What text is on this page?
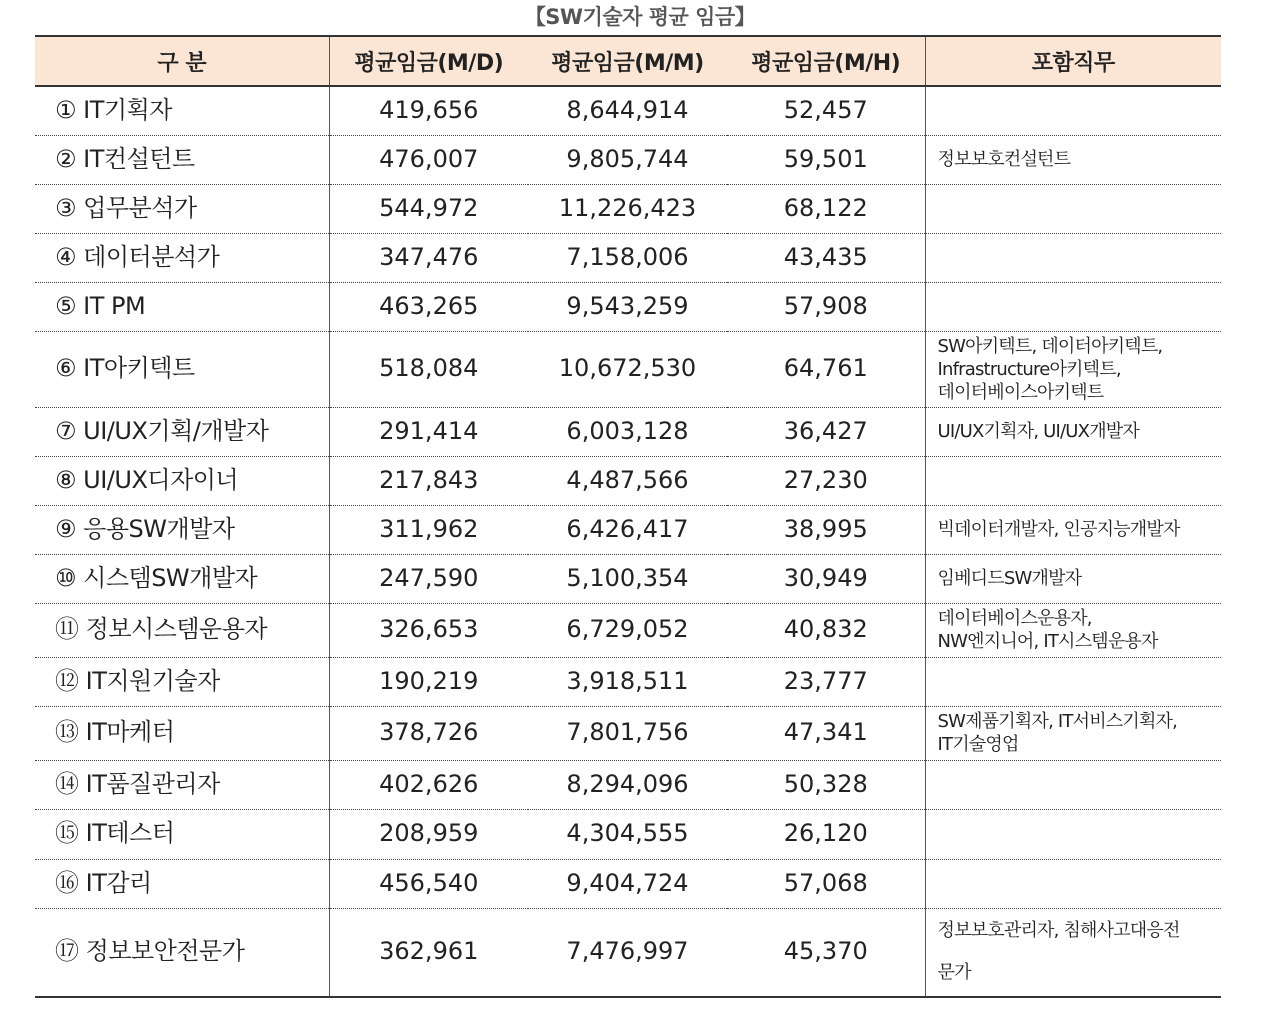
【SW기술자 평균 임금】
구 분	평균임금(M/D)	평균임금(M/M)	평균임금(M/H)	포함직무
① IT기획자	419,656	8,644,914	52,457	
② IT컨설턴트	476,007	9,805,744	59,501	정보보호컨설턴트
③ 업무분석가	544,972	11,226,423	68,122	
④ 데이터분석가	347,476	7,158,006	43,435	
⑤ IT PM	463,265	9,543,259	57,908	
⑥ IT아키텍트	518,084	10,672,530	64,761	SW아키텍트, 데이터아키텍트,
Infrastructure아키텍트,
데이터베이스아키텍트
⑦ UI/UX기획/개발자	291,414	6,003,128	36,427	UI/UX기획자, UI/UX개발자
⑧ UI/UX디자이너	217,843	4,487,566	27,230	
⑨ 응용SW개발자	311,962	6,426,417	38,995	빅데이터개발자, 인공지능개발자
⑩ 시스템SW개발자	247,590	5,100,354	30,949	임베디드SW개발자
⑪ 정보시스템운용자	326,653	6,729,052	40,832	데이터베이스운용자,
NW엔지니어, IT시스템운용자
⑫ IT지원기술자	190,219	3,918,511	23,777	
⑬ IT마케터	378,726	7,801,756	47,341	SW제품기획자, IT서비스기획자,
IT기술영업
⑭ IT품질관리자	402,626	8,294,096	50,328	
⑮ IT테스터	208,959	4,304,555	26,120	
⑯ IT감리	456,540	9,404,724	57,068	
⑰ 정보보안전문가	362,961	7,476,997	45,370	정보보호관리자, 침해사고대응전
문가
